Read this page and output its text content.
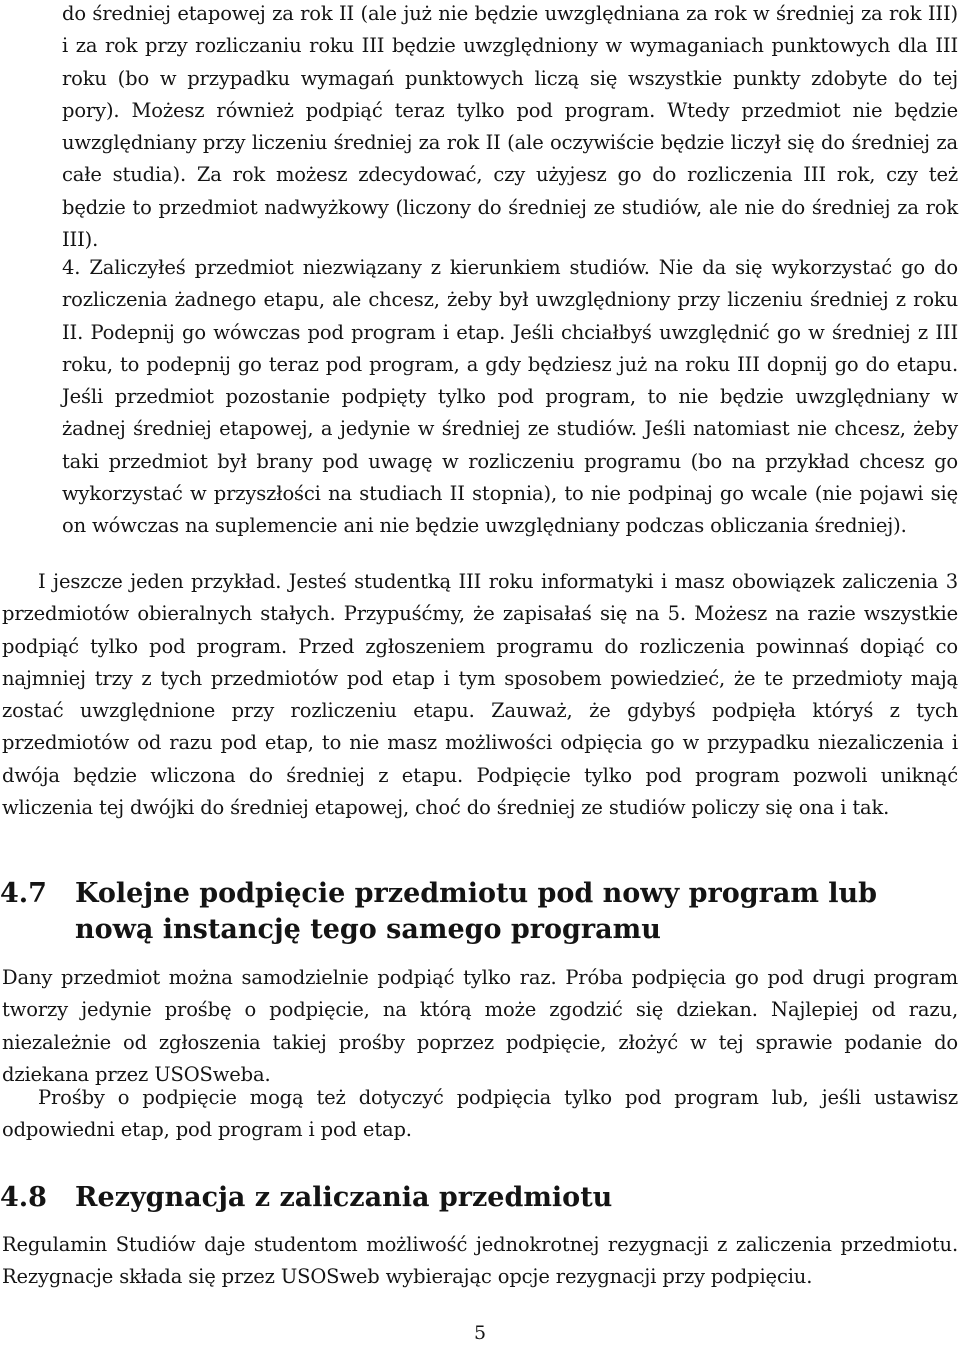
do średniej etapowej za rok II (ale już nie będzie uwzględniana za rok w średniej za rok III) i za rok przy rozliczaniu roku III będzie uwzględniony w wymaganiach punktowych dla III roku (bo w przypadku wymagań punktowych liczą się wszystkie punkty zdobyte do tej pory). Możesz również podpiąć teraz tylko pod program. Wtedy przedmiot nie będzie uwzględniany przy liczeniu średniej za rok II (ale oczywiście będzie liczył się do średniej za całe studia). Za rok możesz zdecydować, czy użyjesz go do rozliczenia III rok, czy też będzie to przedmiot nadwyżkowy (liczony do średniej ze studiów, ale nie do średniej za rok III).

4. Zaliczyłeś przedmiot niezwiązany z kierunkiem studiów. Nie da się wykorzystać go do rozliczenia żadnego etapu, ale chcesz, żeby był uwzględniony przy liczeniu średniej z roku II. Podepnij go wówczas pod program i etap. Jeśli chciałbyś uwzględnić go w średniej z III roku, to podepnij go teraz pod program, a gdy będziesz już na roku III dopnij go do etapu. Jeśli przedmiot pozostanie podpięty tylko pod program, to nie będzie uwzględniany w żadnej średniej etapowej, a jedynie w średniej ze studiów. Jeśli natomiast nie chcesz, żeby taki przedmiot był brany pod uwagę w rozliczeniu programu (bo na przykład chcesz go wykorzystać w przyszłości na studiach II stopnia), to nie podpinaj go wcale (nie pojawi się on wówczas na suplemencie ani nie będzie uwzględniany podczas obliczania średniej).

I jeszcze jeden przykład. Jesteś studentką III roku informatyki i masz obowiązek zaliczenia 3 przedmiotów obieralnych stałych. Przypuśćmy, że zapisałaś się na 5. Możesz na razie wszystkie podpiąć tylko pod program. Przed zgłoszeniem programu do rozliczenia powinnaś dopiąć co najmniej trzy z tych przedmiotów pod etap i tym sposobem powiedzieć, że te przedmioty mają zostać uwzględnione przy rozliczeniu etapu. Zauważ, że gdybyś podpięła któryś z tych przedmiotów od razu pod etap, to nie masz możliwości odpięcia go w przypadku niezaliczenia i dwója będzie wliczona do średniej z etapu. Podpięcie tylko pod program pozwoli uniknąć wliczenia tej dwójki do średniej etapowej, choć do średniej ze studiów policzy się ona i tak.

4.7 Kolejne podpięcie przedmiotu pod nowy program lub nową instancję tego samego programu

Dany przedmiot można samodzielnie podpiąć tylko raz. Próba podpięcia go pod drugi program tworzy jedynie prośbę o podpięcie, na którą może zgodzić się dziekan. Najlepiej od razu, niezależnie od zgłoszenia takiej prośby poprzez podpięcie, złożyć w tej sprawie podanie do dziekana przez USOSweba.

Prośby o podpięcie mogą też dotyczyć podpięcia tylko pod program lub, jeśli ustawisz odpowiedni etap, pod program i pod etap.

4.8 Rezygnacja z zaliczania przedmiotu

Regulamin Studiów daje studentom możliwość jednokrotnej rezygnacji z zaliczenia przedmiotu. Rezygnacje składa się przez USOSweb wybierając opcje rezygnacji przy podpięciu.

5
